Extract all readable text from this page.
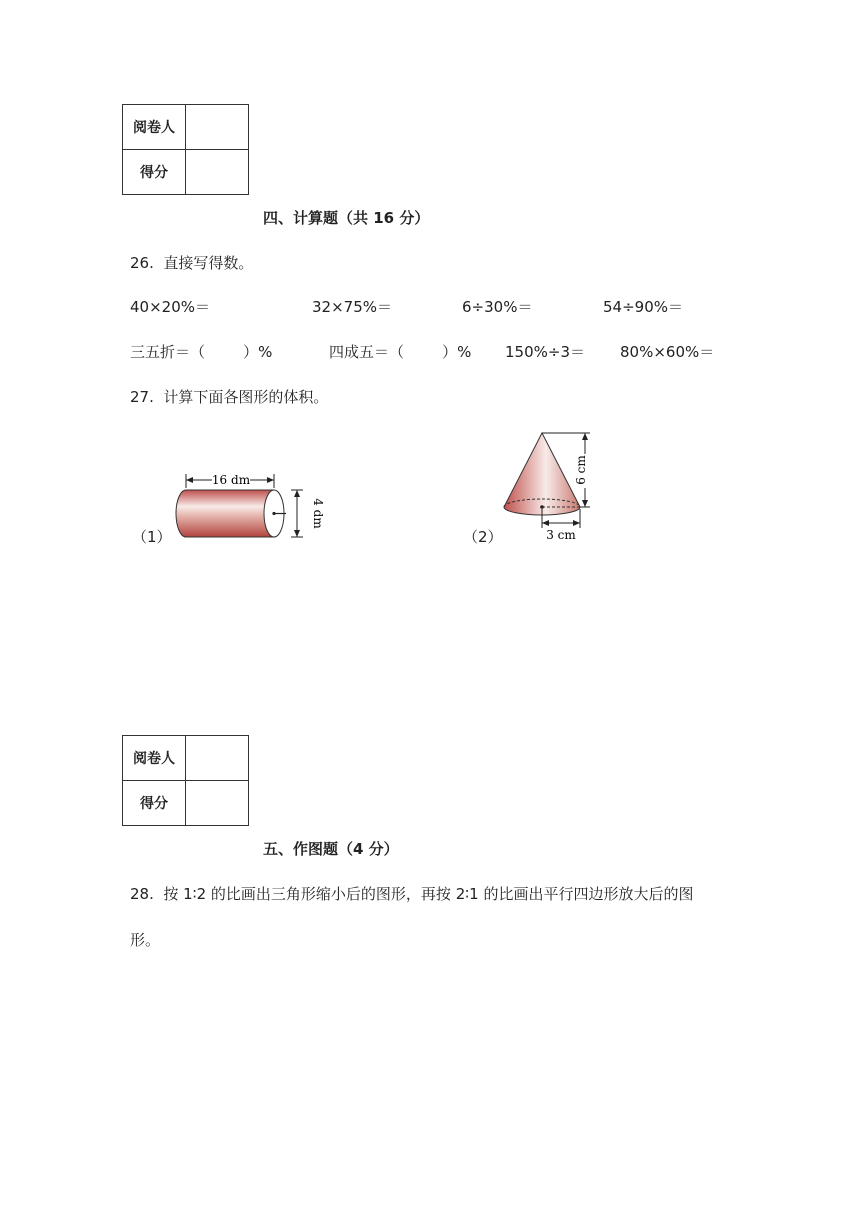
阅卷人	
得分	
四、计算题（共 16 分）
26.  直接写得数。
40×20%＝	32×75%＝	6÷30%＝	54÷90%＝
三五折＝（        ）%	四成五＝（        ）% 150%÷3＝ 80%×60%＝
27.  计算下面各图形的体积。
（1）	（2）
16 dm
4 dm
6 cm
3 cm
阅卷人	
得分	
五、作图题（4 分）
28.  按 1∶2 的比画出三角形缩小后的图形，再按 2∶1 的比画出平行四边形放大后的图
形。
